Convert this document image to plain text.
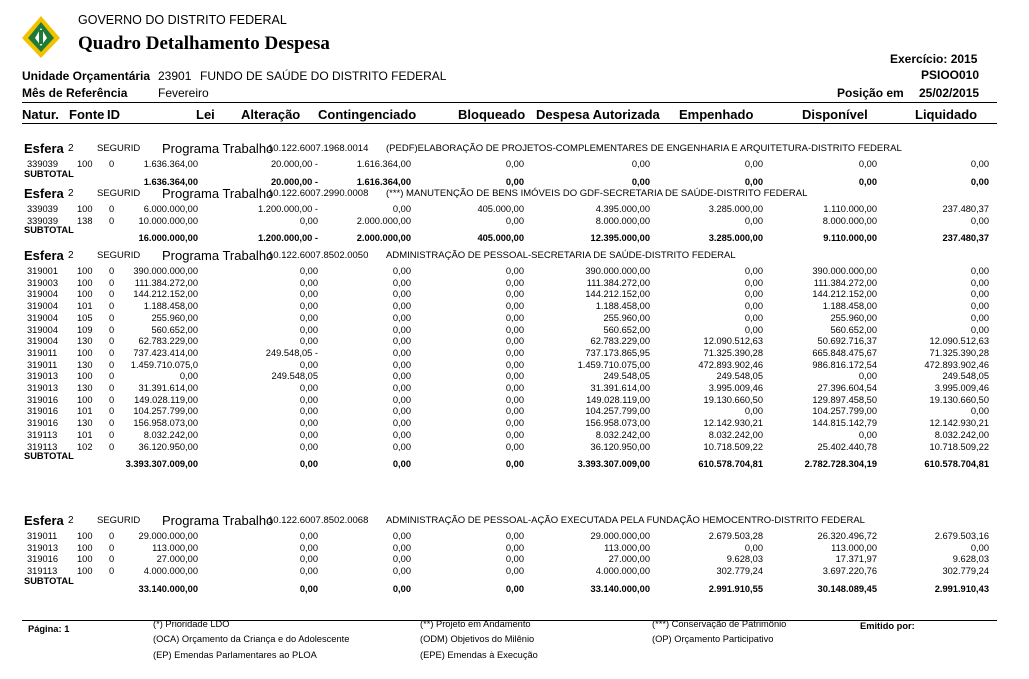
GOVERNO DO DISTRITO FEDERAL
Quadro Detalhamento Despesa
Exercício: 2015
PSIOO010
Unidade Orçamentária 23901 FUNDO DE SAÚDE DO DISTRITO FEDERAL
Mês de Referência	Fevereiro	Posição em 25/02/2015
Natur. Fonte ID	Lei Alteração Contingenciado	Bloqueado Despesa Autorizada Empenhado	Disponível	Liquidado
Esfera 2 SEGURID Programa Trabalho
10.122.6007.1968.0014 (PEDF)ELABORAÇÃO DE PROJETOS-COMPLEMENTARES DE ENGENHARIA E ARQUITETURA-DISTRITO FEDERAL
339039 100 0	1.636.364,00	20.000,00 -	1.616.364,00	0,00	0,00	0,00	0,00	0,00
SUBTOTAL
1.636.364,00	20.000,00 -	1.616.364,00	0,00	0,00	0,00	0,00	0,00
Esfera 2 SEGURID Programa Trabalho
10.122.6007.2990.0008 (***) MANUTENÇÃO DE BENS IMÓVEIS DO GDF-SECRETARIA DE SAÚDE-DISTRITO FEDERAL
339039 100 0	6.000.000,00	1.200.000,00 -	0,00	405.000,00	4.395.000,00	3.285.000,00	1.110.000,00	237.480,37
339039 138 0	10.000.000,00	0,00	2.000.000,00	0,00	8.000.000,00	0,00	8.000.000,00	0,00
SUBTOTAL
16.000.000,00	1.200.000,00 -	2.000.000,00	405.000,00	12.395.000,00	3.285.000,00	9.110.000,00	237.480,37
Esfera 2 SEGURID Programa Trabalho
10.122.6007.8502.0050 ADMINISTRAÇÃO DE PESSOAL-SECRETARIA DE SAÚDE-DISTRITO FEDERAL
319001 100 0 390.000.000,00	0,00	0,00	0,00	390.000.000,00	0,00	390.000.000,00	0,00
319003 100 0 111.384.272,00	0,00	0,00	0,00	111.384.272,00	0,00	111.384.272,00	0,00
319004 100 0 144.212.152,00	0,00	0,00	0,00	144.212.152,00	0,00	144.212.152,00	0,00
319004 101 0	1.188.458,00	0,00	0,00	0,00	1.188.458,00	0,00	1.188.458,00	0,00
319004 105 0	255.960,00	0,00	0,00	0,00	255.960,00	0,00	255.960,00	0,00
319004 109 0	560.652,00	0,00	0,00	0,00	560.652,00	0,00	560.652,00	0,00
319004 130 0	62.783.229,00	0,00	0,00	0,00	62.783.229,00	12.090.512,63	50.692.716,37	12.090.512,63
319011 100 0 737.423.414,00	249.548,05 -	0,00	0,00	737.173.865,95	71.325.390,28	665.848.475,67	71.325.390,28
319011 130 0 1.459.710.075,0	0,00	0,00	0,00	1.459.710.075,00	472.893.902,46	986.816.172,54	472.893.902,46
319013 100 0	0,00	249.548,05	0,00	0,00	249.548,05	249.548,05	0,00	249.548,05
319013 130 0	31.391.614,00	0,00	0,00	0,00	31.391.614,00	3.995.009,46	27.396.604,54	3.995.009,46
319016 100 0 149.028.119,00	0,00	0,00	0,00	149.028.119,00	19.130.660,50	129.897.458,50	19.130.660,50
319016 101 0 104.257.799,00	0,00	0,00	0,00	104.257.799,00	0,00	104.257.799,00	0,00
319016 130 0 156.958.073,00	0,00	0,00	0,00	156.958.073,00	12.142.930,21	144.815.142,79	12.142.930,21
319113 101 0	8.032.242,00	0,00	0,00	0,00	8.032.242,00	8.032.242,00	0,00	8.032.242,00
319113 102 0	36.120.950,00	0,00	0,00	0,00	36.120.950,00	10.718.509,22	25.402.440,78	10.718.509,22
SUBTOTAL
3.393.307.009,00	0,00	0,00	0,00	3.393.307.009,00	610.578.704,81	2.782.728.304,19	610.578.704,81
Esfera 2 SEGURID Programa Trabalho
10.122.6007.8502.0068 ADMINISTRAÇÃO DE PESSOAL-AÇÃO EXECUTADA PELA FUNDAÇÃO HEMOCENTRO-DISTRITO FEDERAL
319011 100 0	29.000.000,00	0,00	0,00	0,00	29.000.000,00	2.679.503,28	26.320.496,72	2.679.503,16
319013 100 0	113.000,00	0,00	0,00	0,00	113.000,00	0,00	113.000,00	0,00
319016 100 0	27.000,00	0,00	0,00	0,00	27.000,00	9.628,03	17.371,97	9.628,03
319113 100 0	4.000.000,00	0,00	0,00	0,00	4.000.000,00	302.779,24	3.697.220,76	302.779,24
SUBTOTAL
33.140.000,00	0,00	0,00	0,00	33.140.000,00	2.991.910,55	30.148.089,45	2.991.910,43
Página: 1	Emitido por:
(*) Prioridade LDO	(**) Projeto em Andamento	(***) Conservação de Patrimônio
(OCA) Orçamento da Criança e do Adolescente	(ODM) Objetivos do Milênio	(OP) Orçamento Participativo
(EP) Emendas Parlamentares ao PLOA	(EPE) Emendas à Execução
